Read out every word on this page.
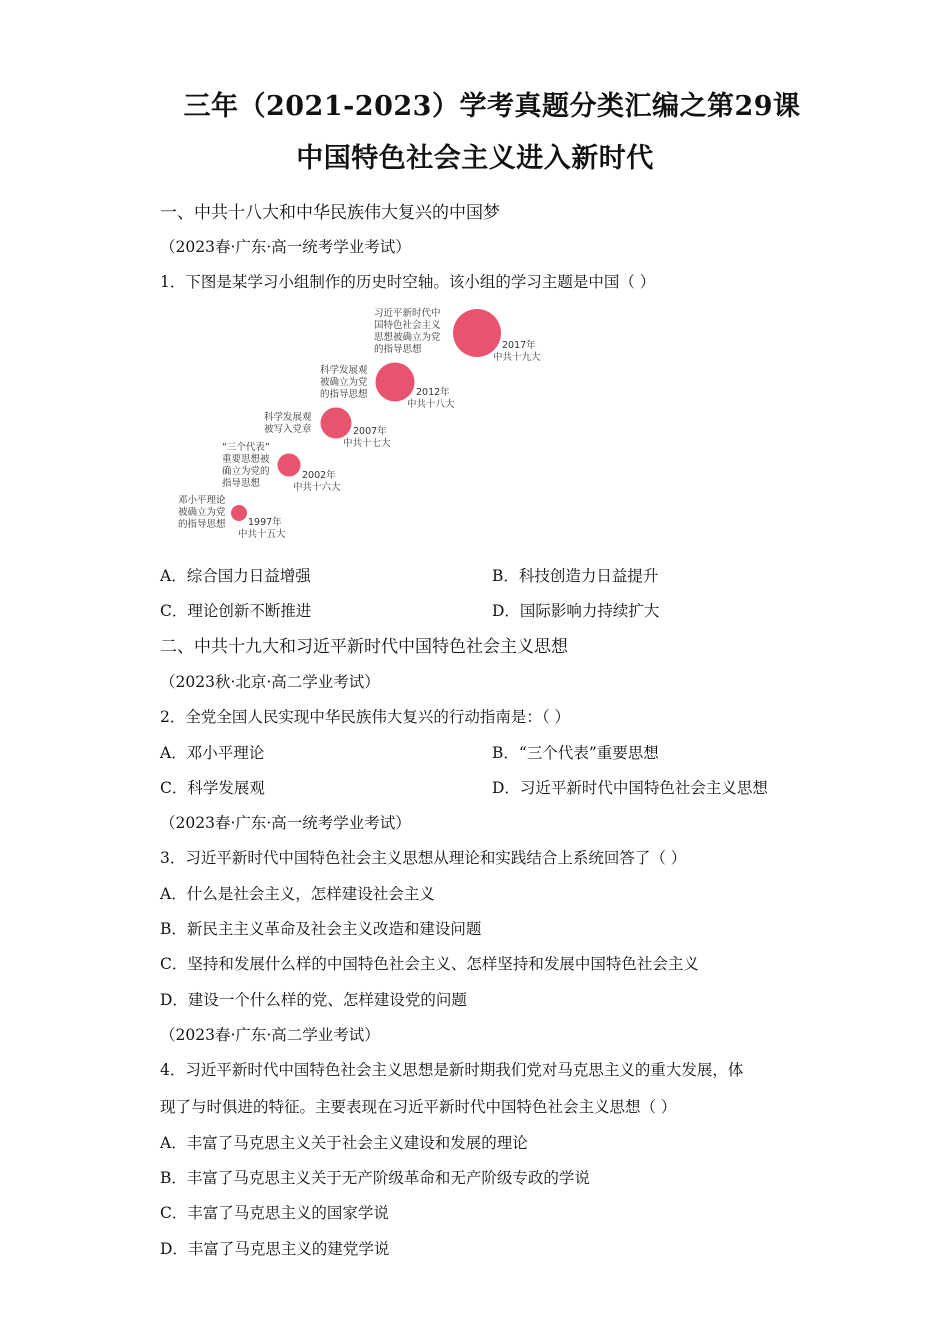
三年（2021-2023）学考真题分类汇编之第29课
中国特色社会主义进入新时代
一、中共十八大和中华民族伟大复兴的中国梦
（2023春·广东·高一统考学业考试）
1．下图是某学习小组制作的历史时空轴。该小组的学习主题是中国（ ）
邓小平理论
被确立为党
的指导思想 1997年
中共十五大
“三个代表”
重要思想被
确立为党的
指导思想
2002年
中共十六大
科学发展观
被写入党章	2007年
中共十七大
科学发展观
被确立为党
的指导思想	2012年
中共十八大
习近平新时代中
国特色社会主义
思想被确立为党
的指导思想	2017年
中共十九大
A．综合国力日益增强	B．科技创造力日益提升
C．理论创新不断推进	D．国际影响力持续扩大
二、中共十九大和习近平新时代中国特色社会主义思想
（2023秋·北京·高二学业考试）
2．全党全国人民实现中华民族伟大复兴的行动指南是：（ ）
A．邓小平理论	B．“三个代表”重要思想
C．科学发展观	D．习近平新时代中国特色社会主义思想
（2023春·广东·高一统考学业考试）
3．习近平新时代中国特色社会主义思想从理论和实践结合上系统回答了（ ）
A．什么是社会主义，怎样建设社会主义
B．新民主主义革命及社会主义改造和建设问题
C．坚持和发展什么样的中国特色社会主义、怎样坚持和发展中国特色社会主义
D．建设一个什么样的党、怎样建设党的问题
（2023春·广东·高二学业考试）
4．习近平新时代中国特色社会主义思想是新时期我们党对马克思主义的重大发展，体
现了与时俱进的特征。主要表现在习近平新时代中国特色社会主义思想（ ）
A．丰富了马克思主义关于社会主义建设和发展的理论
B．丰富了马克思主义关于无产阶级革命和无产阶级专政的学说
C．丰富了马克思主义的国家学说
D．丰富了马克思主义的建党学说
